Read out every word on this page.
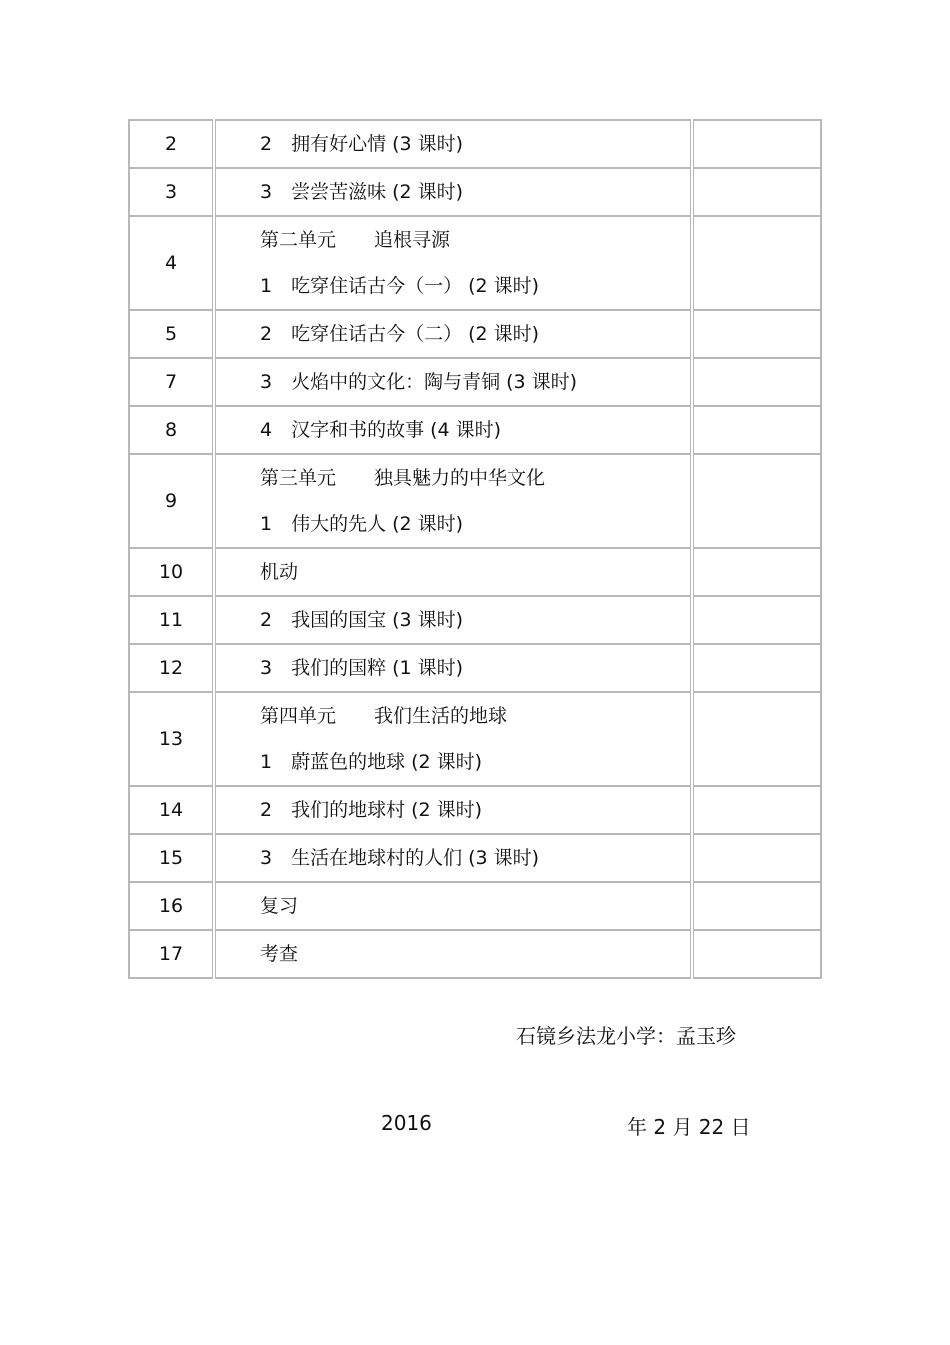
2	2　拥有好心情 (3 课时)	

3	3　尝尝苦滋味 (2 课时)	

4	第二单元　　追根寻源
1　吃穿住话古今（一） (2 课时)	

5	2　吃穿住话古今（二） (2 课时)	

7	3　火焰中的文化：陶与青铜 (3 课时)	

8	4　汉字和书的故事 (4 课时)	

9	第三单元　　独具魅力的中华文化
1　伟大的先人 (2 课时)	

10	机动	

11	2　我国的国宝 (3 课时)	

12	3　我们的国粹 (1 课时)	

13	第四单元　　我们生活的地球
1　蔚蓝色的地球 (2 课时)	

14	2　我们的地球村 (2 课时)	

15	3　生活在地球村的人们 (3 课时)	

16	复习	

17	考查	

石镜乡法龙小学：孟玉珍
2016	年 2 月 22 日
